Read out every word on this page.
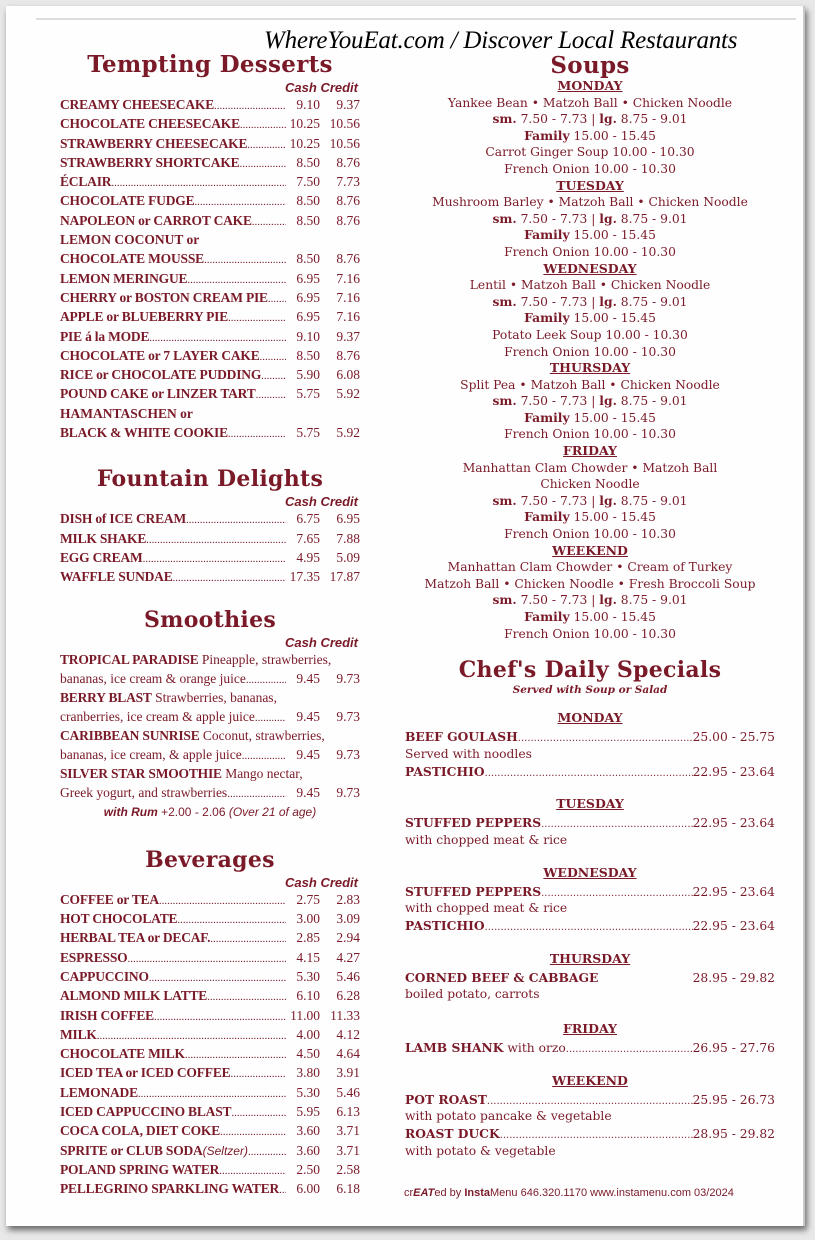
Tempting Desserts
Cash Credit
CREAMY CHEESECAKE .....	9.10	9.37
CHOCOLATE CHEESECAKE .....	10.25 10.56
STRAWBERRY CHEESECAKE .....	10.25 10.56
STRAWBERRY SHORTCAKE .....	8.50	8.76
ÉCLAIR .....	7.50	7.73
CHOCOLATE FUDGE .....	8.50	8.76
NAPOLEON or CARROT CAKE .....	8.50	8.76
LEMON COCONUT or
CHOCOLATE MOUSSE .....	8.50	8.76
LEMON MERINGUE .....	6.95	7.16
CHERRY or BOSTON CREAM PIE .....	6.95	7.16
APPLE or BLUEBERRY PIE .....	6.95	7.16
PIE á la MODE .....	9.10	9.37
CHOCOLATE or 7 LAYER CAKE .....	8.50	8.76
RICE or CHOCOLATE PUDDING .....	5.90	6.08
POUND CAKE or LINZER TART .....	5.75	5.92
HAMANTASCHEN or
BLACK & WHITE COOKIE .....	5.75	5.92
Fountain Delights
Cash Credit
DISH of ICE CREAM .....	6.75	6.95
MILK SHAKE .....	7.65	7.88
EGG CREAM .....	4.95	5.09
WAFFLE SUNDAE .....	17.35 17.87
Smoothies
Cash Credit
TROPICAL PARADISE Pineapple, strawberries,
bananas, ice cream & orange juice .....	9.45	9.73
BERRY BLAST Strawberries, bananas,
cranberries, ice cream & apple juice .....	9.45	9.73
CARIBBEAN SUNRISE Coconut, strawberries,
bananas, ice cream, & apple juice .....	9.45	9.73
SILVER STAR SMOOTHIE Mango nectar,
Greek yogurt, and strawberries .....	9.45	9.73
with Rum +2.00 - 2.06 (Over 21 of age)
Beverages
Cash Credit
COFFEE or TEA .....	2.75	2.83
HOT CHOCOLATE .....	3.00	3.09
HERBAL TEA or DECAF. .....	2.85	2.94
ESPRESSO .....	4.15	4.27
CAPPUCCINO .....	5.30	5.46
ALMOND MILK LATTE .....	6.10	6.28
IRISH COFFEE .....	11.00 11.33
MILK .....	4.00	4.12
CHOCOLATE MILK .....	4.50	4.64
ICED TEA or ICED COFFEE .....	3.80	3.91
LEMONADE .....	5.30	5.46
ICED CAPPUCCINO BLAST .....	5.95	6.13
COCA COLA, DIET COKE .....	3.60	3.71
SPRITE or CLUB SODA (Seltzer) .....	3.60	3.71
POLAND SPRING WATER .....	2.50	2.58
PELLEGRINO SPARKLING WATER .....	6.00	6.18
Soups
MONDAY
Yankee Bean • Matzoh Ball • Chicken Noodle
sm. 7.50 - 7.73 | lg. 8.75 - 9.01
Family 15.00 - 15.45
Carrot Ginger Soup 10.00 - 10.30
French Onion 10.00 - 10.30
TUESDAY
Mushroom Barley • Matzoh Ball • Chicken Noodle
sm. 7.50 - 7.73 | lg. 8.75 - 9.01
Family 15.00 - 15.45
French Onion 10.00 - 10.30
WEDNESDAY
Lentil • Matzoh Ball • Chicken Noodle
sm. 7.50 - 7.73 | lg. 8.75 - 9.01
Family 15.00 - 15.45
Potato Leek Soup 10.00 - 10.30
French Onion 10.00 - 10.30
THURSDAY
Split Pea • Matzoh Ball • Chicken Noodle
sm. 7.50 - 7.73 | lg. 8.75 - 9.01
Family 15.00 - 15.45
French Onion 10.00 - 10.30
FRIDAY
Manhattan Clam Chowder • Matzoh Ball
Chicken Noodle
sm. 7.50 - 7.73 | lg. 8.75 - 9.01
Family 15.00 - 15.45
French Onion 10.00 - 10.30
WEEKEND
Manhattan Clam Chowder • Cream of Turkey
Matzoh Ball • Chicken Noodle • Fresh Broccoli Soup
sm. 7.50 - 7.73 | lg. 8.75 - 9.01
Family 15.00 - 15.45
French Onion 10.00 - 10.30
Chef's Daily Specials
Served with Soup or Salad
MONDAY
BEEF GOULASH .....	25.00 - 25.75
Served with noodles
PASTICHIO .....	22.95 - 23.64
TUESDAY
STUFFED PEPPERS .....	22.95 - 23.64
with chopped meat & rice
WEDNESDAY
STUFFED PEPPERS .....	22.95 - 23.64
with chopped meat & rice
PASTICHIO .....	22.95 - 23.64
THURSDAY
CORNED BEEF & CABBAGE	28.95 - 29.82
boiled potato, carrots
FRIDAY
LAMB SHANK with orzo .....	26.95 - 27.76
WEEKEND
POT ROAST .....	25.95 - 26.73
with potato pancake & vegetable
ROAST DUCK .....	28.95 - 29.82
with potato & vegetable
crEATed by InstaMenu 646.320.1170 www.instamenu.com 03/2024
WhereYouEat.com / Discover Local Restaurants
